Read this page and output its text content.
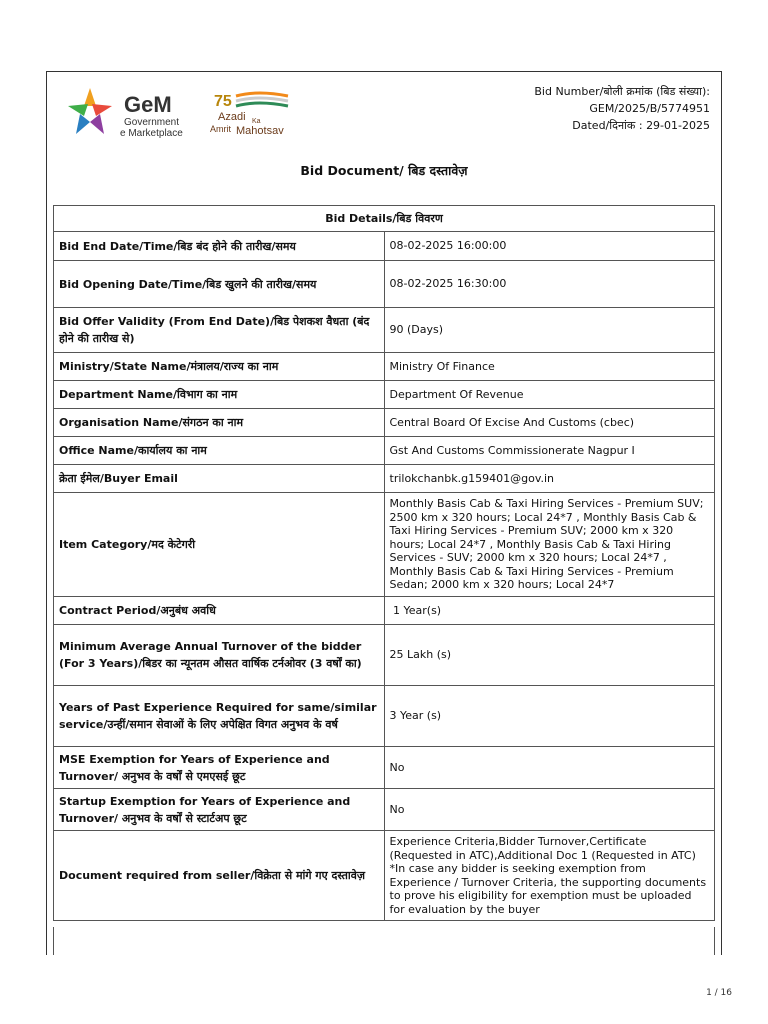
GeM
Government
e Marketplace
75
Azadi Ka
Amrit Mahotsav
Bid Number/बोली क्रमांक (बिड संख्या):
GEM/2025/B/5774951
Dated/दिनांक : 29-01-2025
Bid Document/ बिड दस्तावेज़
Bid Details/बिड विवरण	
Bid End Date/Time/बिड बंद होने की तारीख/समय	08-02-2025 16:00:00
Bid Opening Date/Time/बिड खुलने की तारीख/समय	08-02-2025 16:30:00
Bid Offer Validity (From End Date)/बिड पेशकश वैधता (बंद होने की तारीख से)	90 (Days)
Ministry/State Name/मंत्रालय/राज्य का नाम	Ministry Of Finance
Department Name/विभाग का नाम	Department Of Revenue
Organisation Name/संगठन का नाम	Central Board Of Excise And Customs (cbec)
Office Name/कार्यालय का नाम	Gst And Customs Commissionerate Nagpur I
क्रेता ईमेल/Buyer Email	trilokchanbk.g159401@gov.in
Item Category/मद केटेगरी	Monthly Basis Cab & Taxi Hiring Services - Premium SUV; 2500 km x 320 hours; Local 24*7 , Monthly Basis Cab & Taxi Hiring Services - Premium SUV; 2000 km x 320 hours; Local 24*7 , Monthly Basis Cab & Taxi Hiring Services - SUV; 2000 km x 320 hours; Local 24*7 , Monthly Basis Cab & Taxi Hiring Services - Premium Sedan; 2000 km x 320 hours; Local 24*7
Contract Period/अनुबंध अवधि	1 Year(s)
Minimum Average Annual Turnover of the bidder (For 3 Years)/बिडर का न्यूनतम औसत वार्षिक टर्नओवर (3 वर्षों का)	25 Lakh (s)
Years of Past Experience Required for same/similar service/उन्हीं/समान सेवाओं के लिए अपेक्षित विगत अनुभव के वर्ष	3 Year (s)
MSE Exemption for Years of Experience and Turnover/ अनुभव के वर्षों से एमएसई छूट	No
Startup Exemption for Years of Experience and Turnover/ अनुभव के वर्षों से स्टार्टअप छूट	No
Document required from seller/विक्रेता से मांगे गए दस्तावेज़	Experience Criteria,Bidder Turnover,Certificate (Requested in ATC),Additional Doc 1 (Requested in ATC)
*In case any bidder is seeking exemption from Experience / Turnover Criteria, the supporting documents to prove his eligibility for exemption must be uploaded for evaluation by the buyer
1 / 16
